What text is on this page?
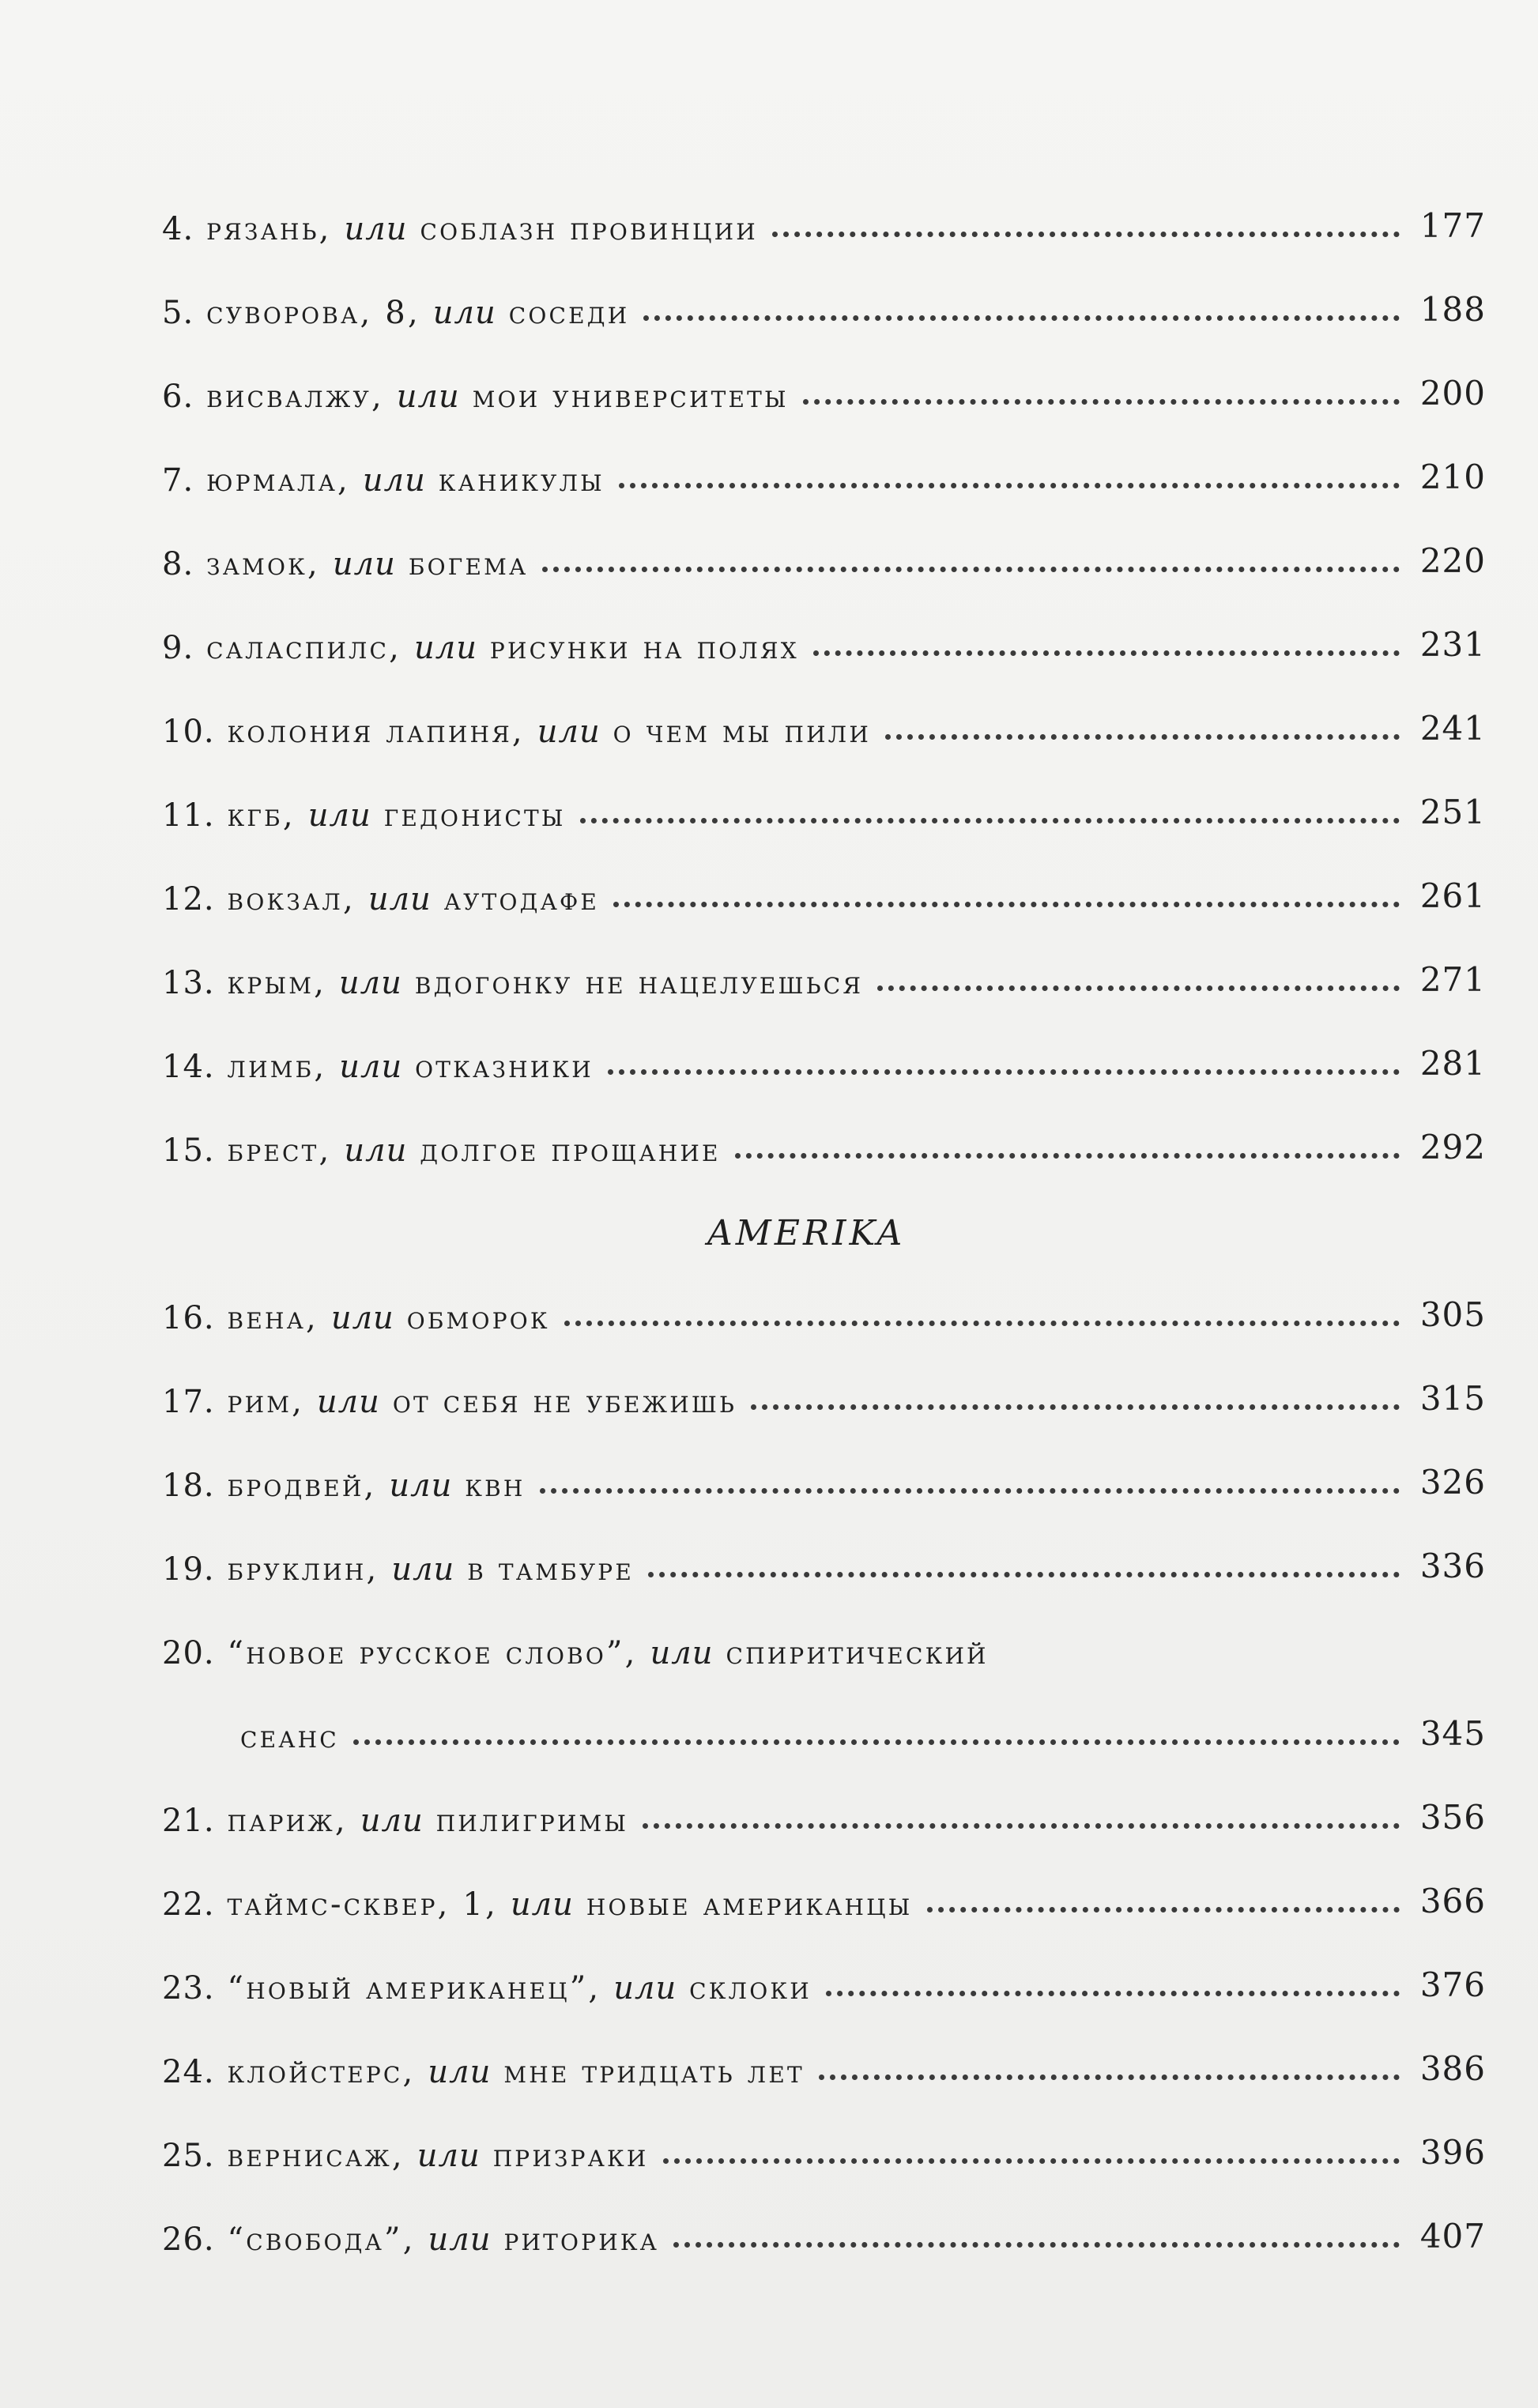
4. рязань, или соблазн провинции	177
5. суворова, 8, или соседи	188
6. висвалжу, или мои университеты	200
7. юрмала, или каникулы	210
8. замок, или богема	220
9. саласпилс, или рисунки на полях	231
10. колония лапиня, или о чем мы пили	241
11. кгб, или гедонисты	251
12. вокзал, или аутодафе	261
13. крым, или вдогонку не нацелуешься	271
14. лимб, или отказники	281
15. брест, или долгое прощание	292
AMERIKA
16. вена, или обморок	305
17. рим, или от себя не убежишь	315
18. бродвей, или квн	326
19. бруклин, или в тамбуре	336
20. “новое русское слово”, или спиритический
сеанс	345
21. париж, или пилигримы	356
22. таймс-сквер, 1, или новые американцы	366
23. “новый американец”, или склоки	376
24. клойстерс, или мне тридцать лет	386
25. вернисаж, или призраки	396
26. “свобода”, или риторика	407
